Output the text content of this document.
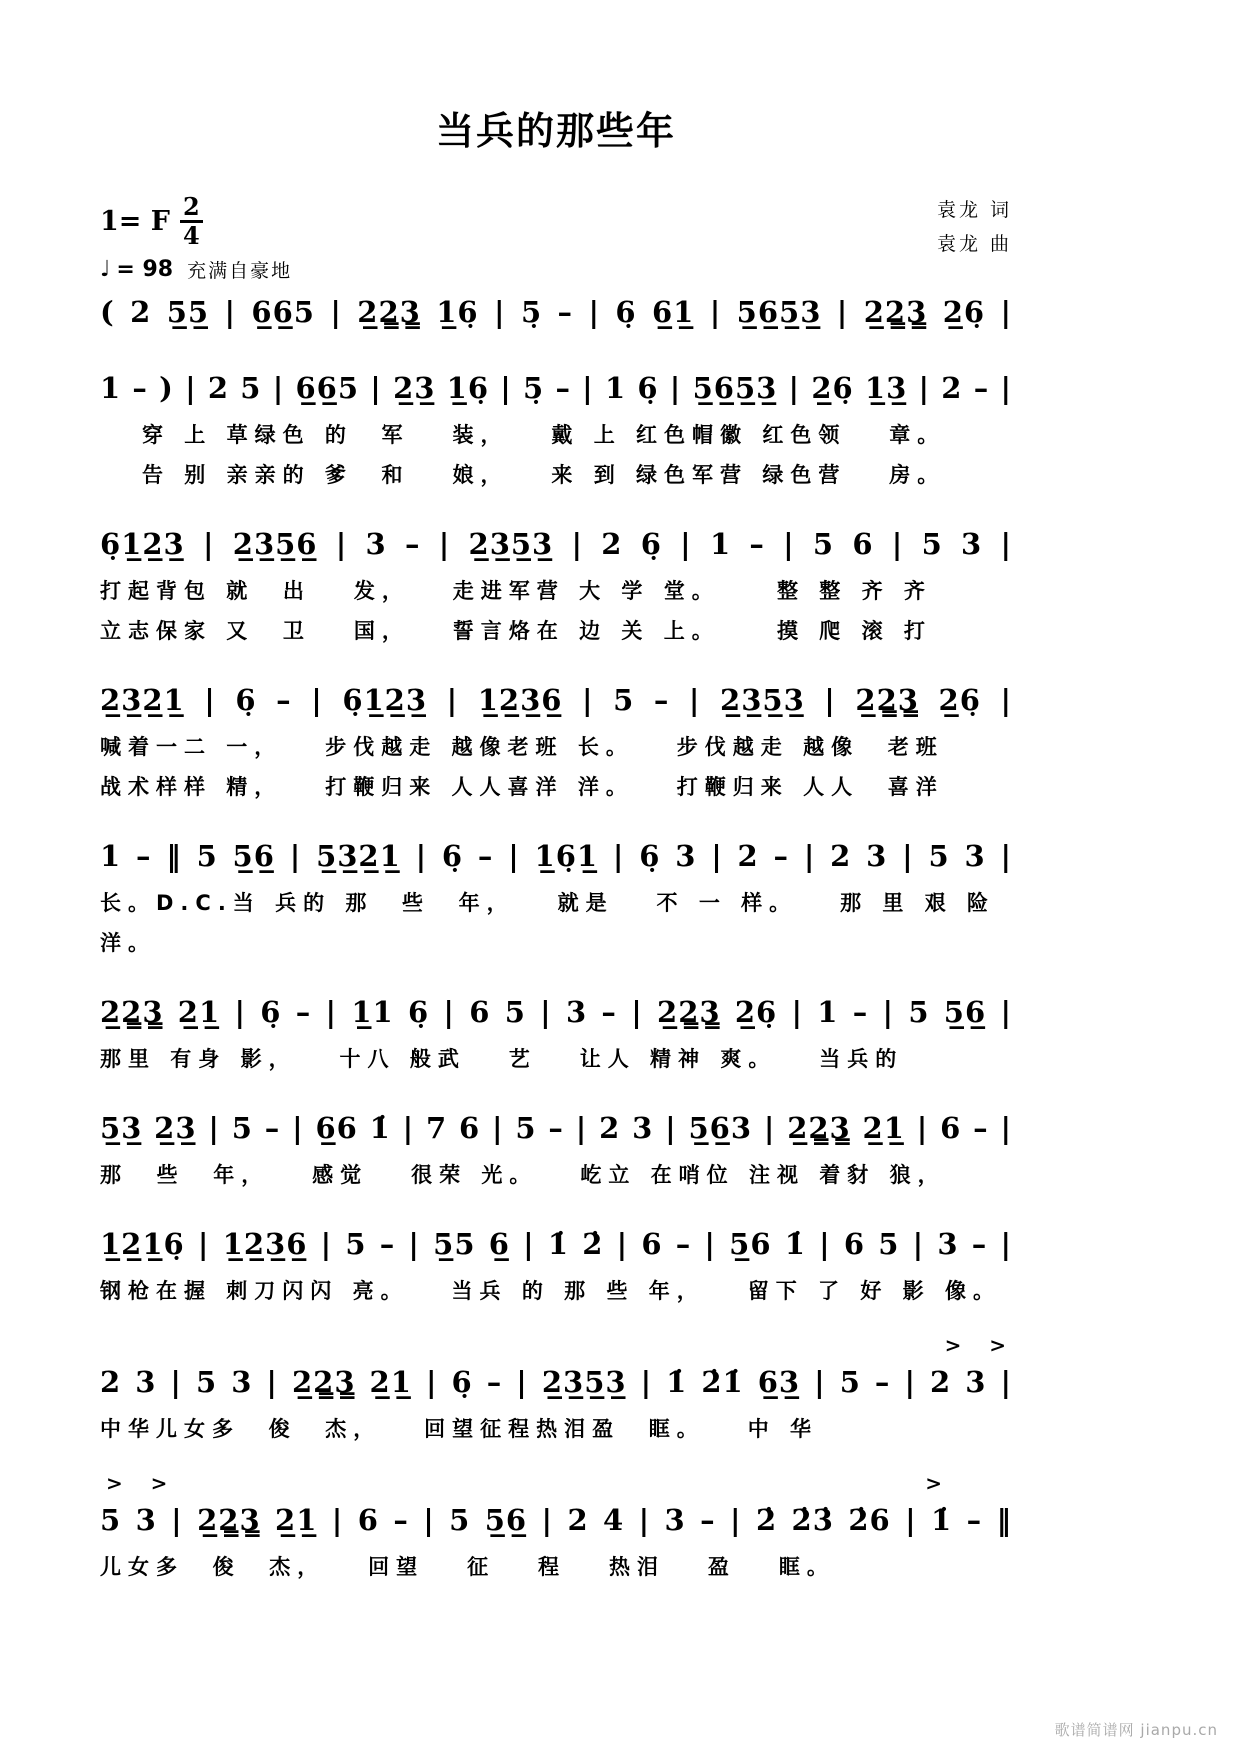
当兵的那些年
1= F $\frac{2}{4}$
♩ = 98 充满自豪地
袁龙 词
袁龙 曲
( 2 5̲5̲ | 6̲6̲5 | 2̲2̳3̳ 1̲6̣ | 5̣ – | 6̣ 6̲1̲ | 5̲6̲5̲3̲ | 2̲2̳3̳ 2̲6̣ |
1 – ) | 2 5 | 6̲6̲5 | 2̲3̲ 1̲6̣ | 5̣ – | 1 6̣ | 5̲6̲5̲3̲ | 2̲6̣ 1̲3̲ | 2 – |
穿 上 草绿色 的  军   装，   戴 上 红色帽徽 红色领   章。
告 别 亲亲的 爹  和   娘，   来 到 绿色军营 绿色营   房。
6̣1̲2̲3̲ | 2̲3̲5̲6̲ | 3 – | 2̲3̲5̲3̲ | 2 6̣ | 1 – | 5 6 | 5 3 |
打起背包 就  出   发，   走进军营 大 学 堂。    整 整 齐 齐
立志保家 又  卫   国，   誓言烙在 边 关 上。    摸 爬 滚 打
2̲3̲2̲1̲ | 6̣ – | 6̣1̲2̲3̲ | 1̲2̲3̲6̲ | 5 – | 2̲3̲5̲3̲ | 2̲2̳3̳ 2̲6̣ |
喊着一二 一，   步伐越走 越像老班 长。   步伐越走 越像  老班
战术样样 精，   打鞭归来 人人喜洋 洋。   打鞭归来 人人  喜洋
1 – ‖ 5 5̲6̲ | 5̲3̲2̲1̲ | 6̣ – | 1̲6̣1̲ | 6̣ 3 | 2 – | 2 3 | 5 3 |
长。D.C.当 兵的 那  些  年，   就是   不 一 样。   那 里 艰 险
洋。
2̲2̳3̳ 2̲1̲ | 6̣ – | 1̲1 6̣ | 6 5 | 3 – | 2̲2̳3̳ 2̲6̣ | 1 – | 5 5̲6̲ |
那里 有身 影，   十八 般武   艺   让人 精神 爽。   当兵的
5̲3̲ 2̲3̲ | 5 – | 6̲6 1̇ | 7 6 | 5 – | 2 3 | 5̲6̲3 | 2̲2̳3̳ 2̲1̲ | 6 – |
那  些  年，   感觉   很荣 光。   屹立 在哨位 注视 着豺 狼，
1̲2̲1̲6̣ | 1̲2̲3̲6̲ | 5 – | 5̲5 6̲ | 1̇ 2̇ | 6 – | 5̲6 1̇ | 6 5 | 3 – |
钢枪在握 刺刀闪闪 亮。   当兵 的 那 些 年，   留下 了 好 影 像。

>    >

2 3 | 5 3 | 2̲2̳3̳ 2̲1̲ | 6̣ – | 2̲3̲5̲3̲ | 1̇ 2̇1̇ 6̲3̲ | 5 – | 2 3 |
中华儿女多  俊  杰，   回望征程热泪盈  眶。   中 华

>    >

	>

5 3 | 2̲2̳3̳ 2̲1̲ | 6 – | 5 5̲6̲ | 2 4 | 3 – | 2̇ 2̇3̇ 2̇6 | 1̇ – ‖
儿女多  俊  杰，   回望   征   程   热泪   盈   眶。
歌谱简谱网 jianpu.cn
